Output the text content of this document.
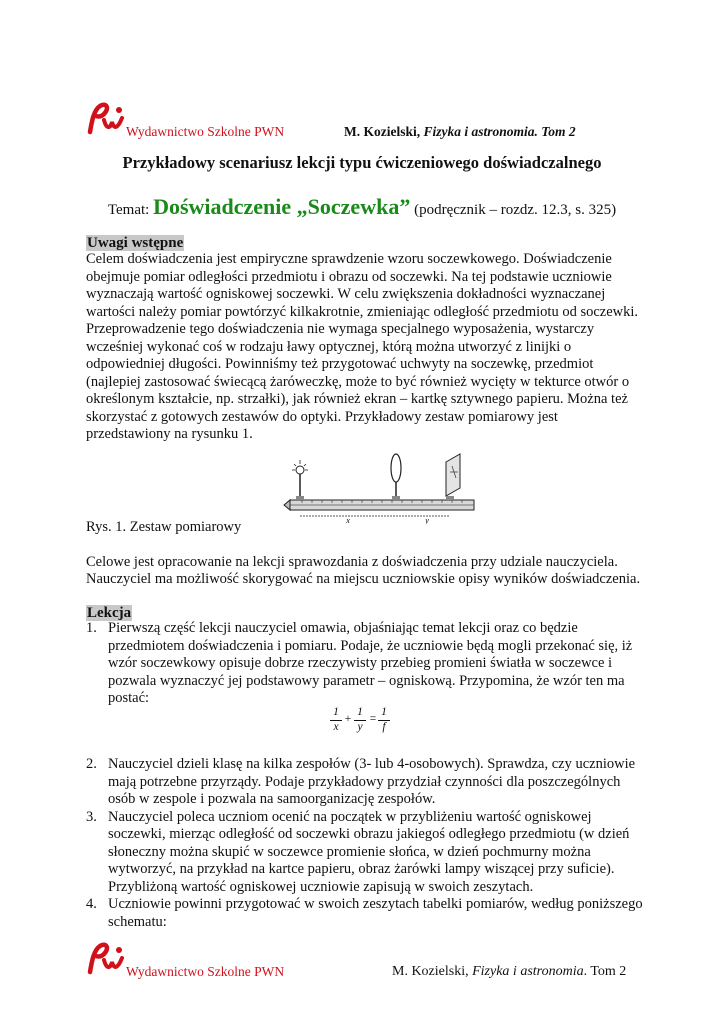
Wydawnictwo Szkolne PWN	M. Kozielski, Fizyka i astronomia. Tom 2
Przykładowy scenariusz lekcji typu ćwiczeniowego doświadczalnego
Temat: Doświadczenie „Soczewka” (podręcznik – rozdz. 12.3, s. 325)
Uwagi wstępne
Celem doświadczenia jest empiryczne sprawdzenie wzoru soczewkowego. Doświadczenie obejmuje pomiar odległości przedmiotu i obrazu od soczewki. Na tej podstawie uczniowie wyznaczają wartość ogniskowej soczewki. W celu zwiększenia dokładności wyznaczanej wartości należy pomiar powtórzyć kilkakrotnie, zmieniając odległość przedmiotu od soczewki. Przeprowadzenie tego doświadczenia nie wymaga specjalnego wyposażenia, wystarczy wcześniej wykonać coś w rodzaju ławy optycznej, którą można utworzyć z linijki o odpowiedniej długości. Powinniśmy też przygotować uchwyty na soczewkę, przedmiot (najlepiej zastosować świecącą żaróweczkę, może to być również wycięty w tekturce otwór o określonym kształcie, np. strzałki), jak również ekran – kartkę sztywnego papieru. Można też skorzystać z gotowych zestawów do optyki. Przykładowy zestaw pomiarowy jest przedstawiony na rysunku 1.
x	y
Rys. 1. Zestaw pomiarowy
Celowe jest opracowanie na lekcji sprawozdania z doświadczenia przy udziale nauczyciela.
Nauczyciel ma możliwość skorygować na miejscu uczniowskie opisy wyników doświadczenia.
Lekcja
1. Pierwszą część lekcji nauczyciel omawia, objaśniając temat lekcji oraz co będzie przedmiotem doświadczenia i pomiaru. Podaje, że uczniowie będą mogli przekonać się, iż wzór soczewkowy opisuje dobrze rzeczywisty przebieg promieni światła w soczewce i pozwala wyznaczyć jej podstawowy parametr – ogniskową. Przypomina, że wzór ten ma postać:
1
x
+
1
y
=
1
f
2. Nauczyciel dzieli klasę na kilka zespołów (3- lub 4-osobowych). Sprawdza, czy uczniowie mają potrzebne przyrządy. Podaje przykładowy przydział czynności dla poszczególnych osób w zespole i pozwala na samoorganizację zespołów.
3. Nauczyciel poleca uczniom ocenić na początek w przybliżeniu wartość ogniskowej soczewki, mierząc odległość od soczewki obrazu jakiegoś odległego przedmiotu (w dzień słoneczny można skupić w soczewce promienie słońca, w dzień pochmurny można wytworzyć, na przykład na kartce papieru, obraz żarówki lampy wiszącej przy suficie). Przybliżoną wartość ogniskowej uczniowie zapisują w swoich zeszytach.
4. Uczniowie powinni przygotować w swoich zeszytach tabelki pomiarów, według poniższego schematu:
Wydawnictwo Szkolne PWN	M. Kozielski, Fizyka i astronomia. Tom 2
